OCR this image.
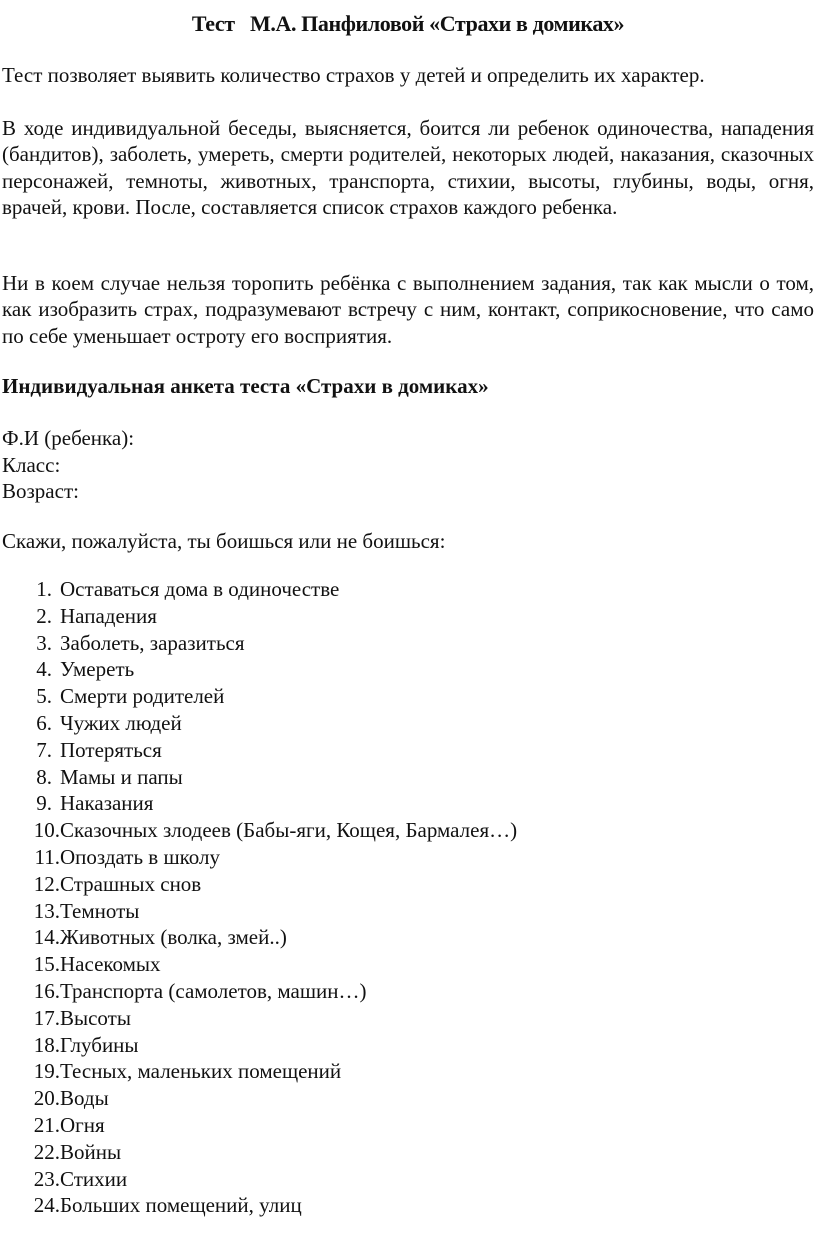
Тест   М.А. Панфиловой «Страхи в домиках»

Тест позволяет выявить количество страхов у детей и определить их характер.

В ходе индивидуальной беседы, выясняется, боится ли ребенок одиночества, нападения (бандитов), заболеть, умереть, смерти родителей, некоторых людей, наказания, сказочных персонажей, темноты, животных, транспорта, стихии, высоты, глубины, воды, огня, врачей, крови. После, составляется список страхов каждого ребенка.

Ни в коем случае нельзя торопить ребёнка с выполнением задания, так как мысли о том, как изобразить страх, подразумевают встречу с ним, контакт, соприкосновение, что само по себе уменьшает остроту его восприятия.

Индивидуальная анкета теста «Страхи в домиках»
Ф.И (ребенка):
Класс:
Возраст:
Скажи, пожалуйста, ты боишься или не боишься:
1. Оставаться дома в одиночестве
2. Нападения
3. Заболеть, заразиться
4. Умереть
5. Смерти родителей
6. Чужих людей
7. Потеряться
8. Мамы и папы
9. Наказания
10. Сказочных злодеев (Бабы-яги, Кощея, Бармалея…)
11. Опоздать в школу
12. Страшных снов
13. Темноты
14. Животных (волка, змей..)
15. Насекомых
16. Транспорта (самолетов, машин…)
17. Высоты
18. Глубины
19. Тесных, маленьких помещений
20. Воды
21. Огня
22. Войны
23. Стихии
24. Больших помещений, улиц
